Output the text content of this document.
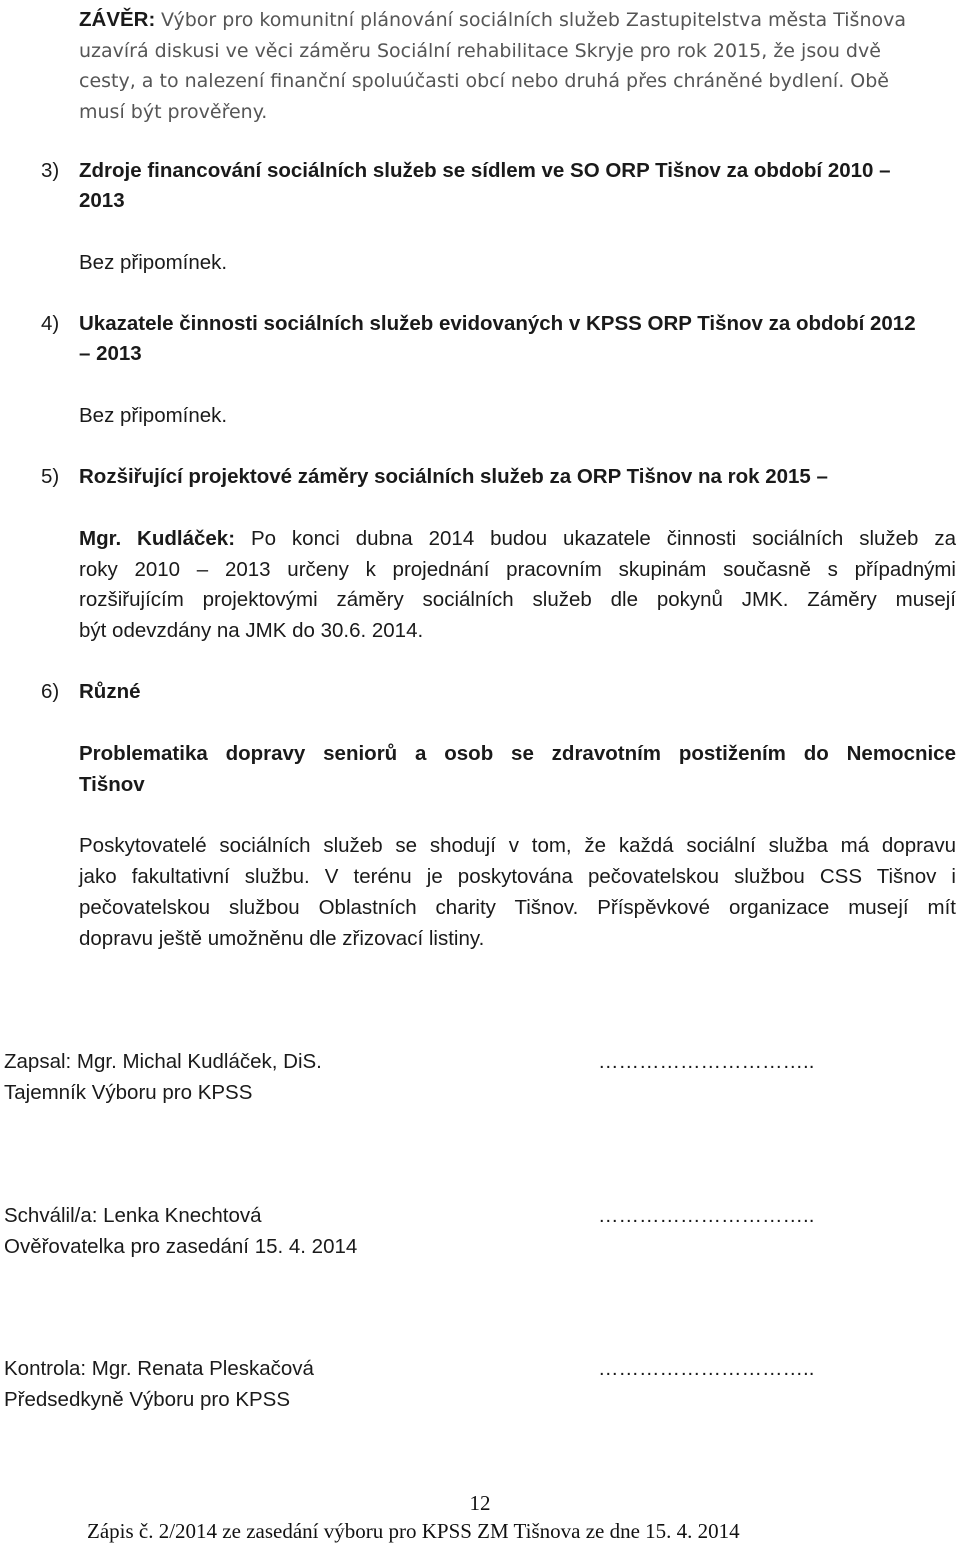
ZÁVĚR: Výbor pro komunitní plánování sociálních služeb Zastupitelstva města Tišnova
uzavírá diskusi ve věci záměru Sociální rehabilitace Skryje pro rok 2015, že jsou dvě
cesty, a to nalezení finanční spoluúčasti obcí nebo druhá přes chráněné bydlení. Obě
musí být prověřeny.
3) Zdroje financování sociálních služeb se sídlem ve SO ORP Tišnov za období 2010 –
2013
Bez připomínek.
4) Ukazatele činnosti sociálních služeb evidovaných v KPSS ORP Tišnov za období 2012
– 2013
Bez připomínek.
5) Rozšiřující projektové záměry sociálních služeb za ORP Tišnov na rok 2015 –
Mgr. Kudláček: Po konci dubna 2014 budou ukazatele činnosti sociálních služeb za
roky 2010 – 2013 určeny k projednání pracovním skupinám současně s případnými
rozšiřujícím projektovými záměry sociálních služeb dle pokynů JMK. Záměry musejí
být odevzdány na JMK do 30.6. 2014.
6) Různé
Problematika dopravy seniorů a osob se zdravotním postižením do Nemocnice
Tišnov
Poskytovatelé sociálních služeb se shodují v tom, že každá sociální služba má dopravu
jako fakultativní službu. V terénu je poskytována pečovatelskou službou CSS Tišnov i
pečovatelskou službou Oblastních charity Tišnov. Příspěvkové organizace musejí mít
dopravu ještě umožněnu dle zřizovací listiny.
Zapsal: Mgr. Michal Kudláček, DiS.
Tajemník Výboru pro KPSS
…………………………..
Schválil/a: Lenka Knechtová
Ověřovatelka pro zasedání 15. 4. 2014
…………………………..
Kontrola: Mgr. Renata Pleskačová
Předsedkyně Výboru pro KPSS
…………………………..
12
Zápis č. 2/2014 ze zasedání výboru pro KPSS ZM Tišnova ze dne 15. 4. 2014
